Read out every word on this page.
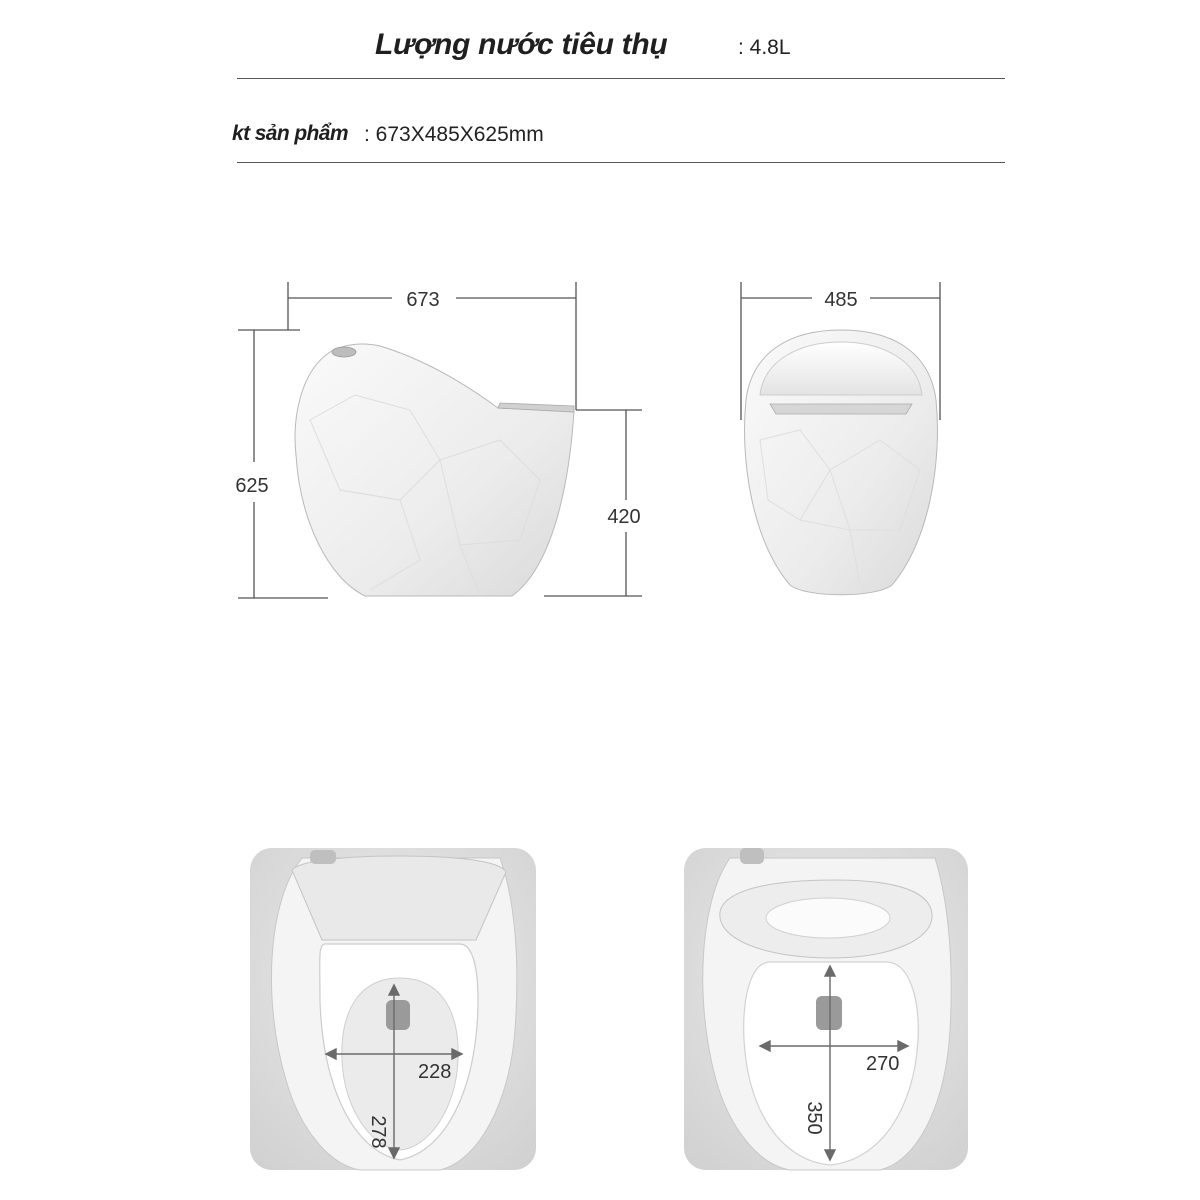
Lượng nước tiêu thụ	: 4.8L
kt sản phẩm : 673X485X625mm
673
625
420
485
228
278
270
350
